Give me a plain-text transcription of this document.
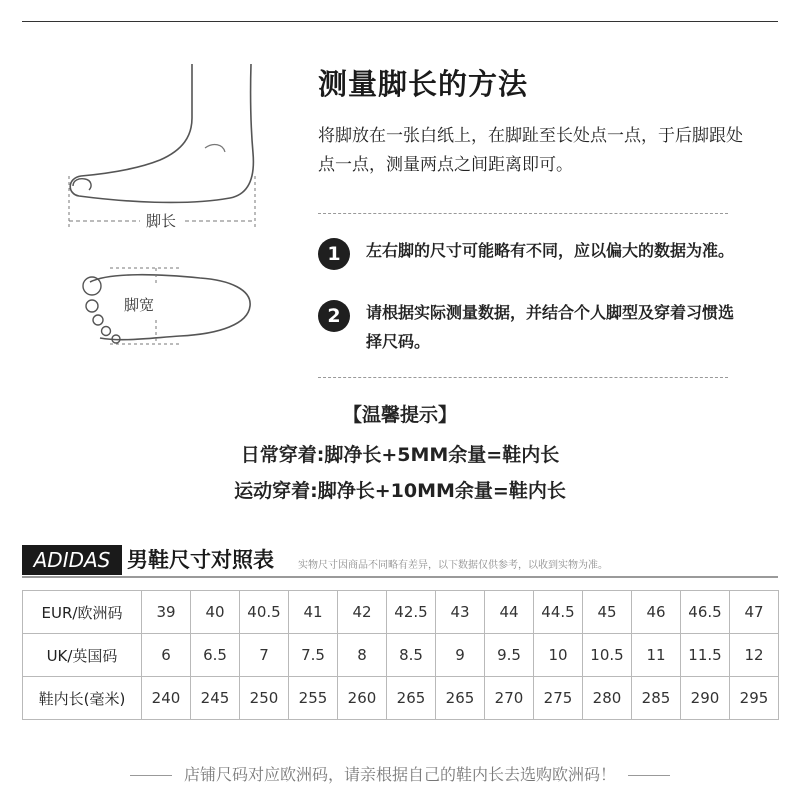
脚长
脚宽
测量脚长的方法
将脚放在一张白纸上，在脚趾至长处点一点，于后脚跟处点一点，测量两点之间距离即可。
1	左右脚的尺寸可能略有不同，应以偏大的数据为准。
2	请根据实际测量数据，并结合个人脚型及穿着习惯选择尺码。
【温馨提示】
日常穿着:脚净长+5MM余量=鞋内长
运动穿着:脚净长+10MM余量=鞋内长
ADIDAS 男鞋尺寸对照表 实物尺寸因商品不同略有差异，以下数据仅供参考，以收到实物为准。
EUR/欧洲码	39	40	40.5	41	42	42.5	43	44	44.5	45	46	46.5	47
UK/英国码	6	6.5	7	7.5	8	8.5	9	9.5	10	10.5	11	11.5	12
鞋内长(毫米)	240	245	250	255	260	265	265	270	275	280	285	290	295
店铺尺码对应欧洲码，请亲根据自己的鞋内长去选购欧洲码！
